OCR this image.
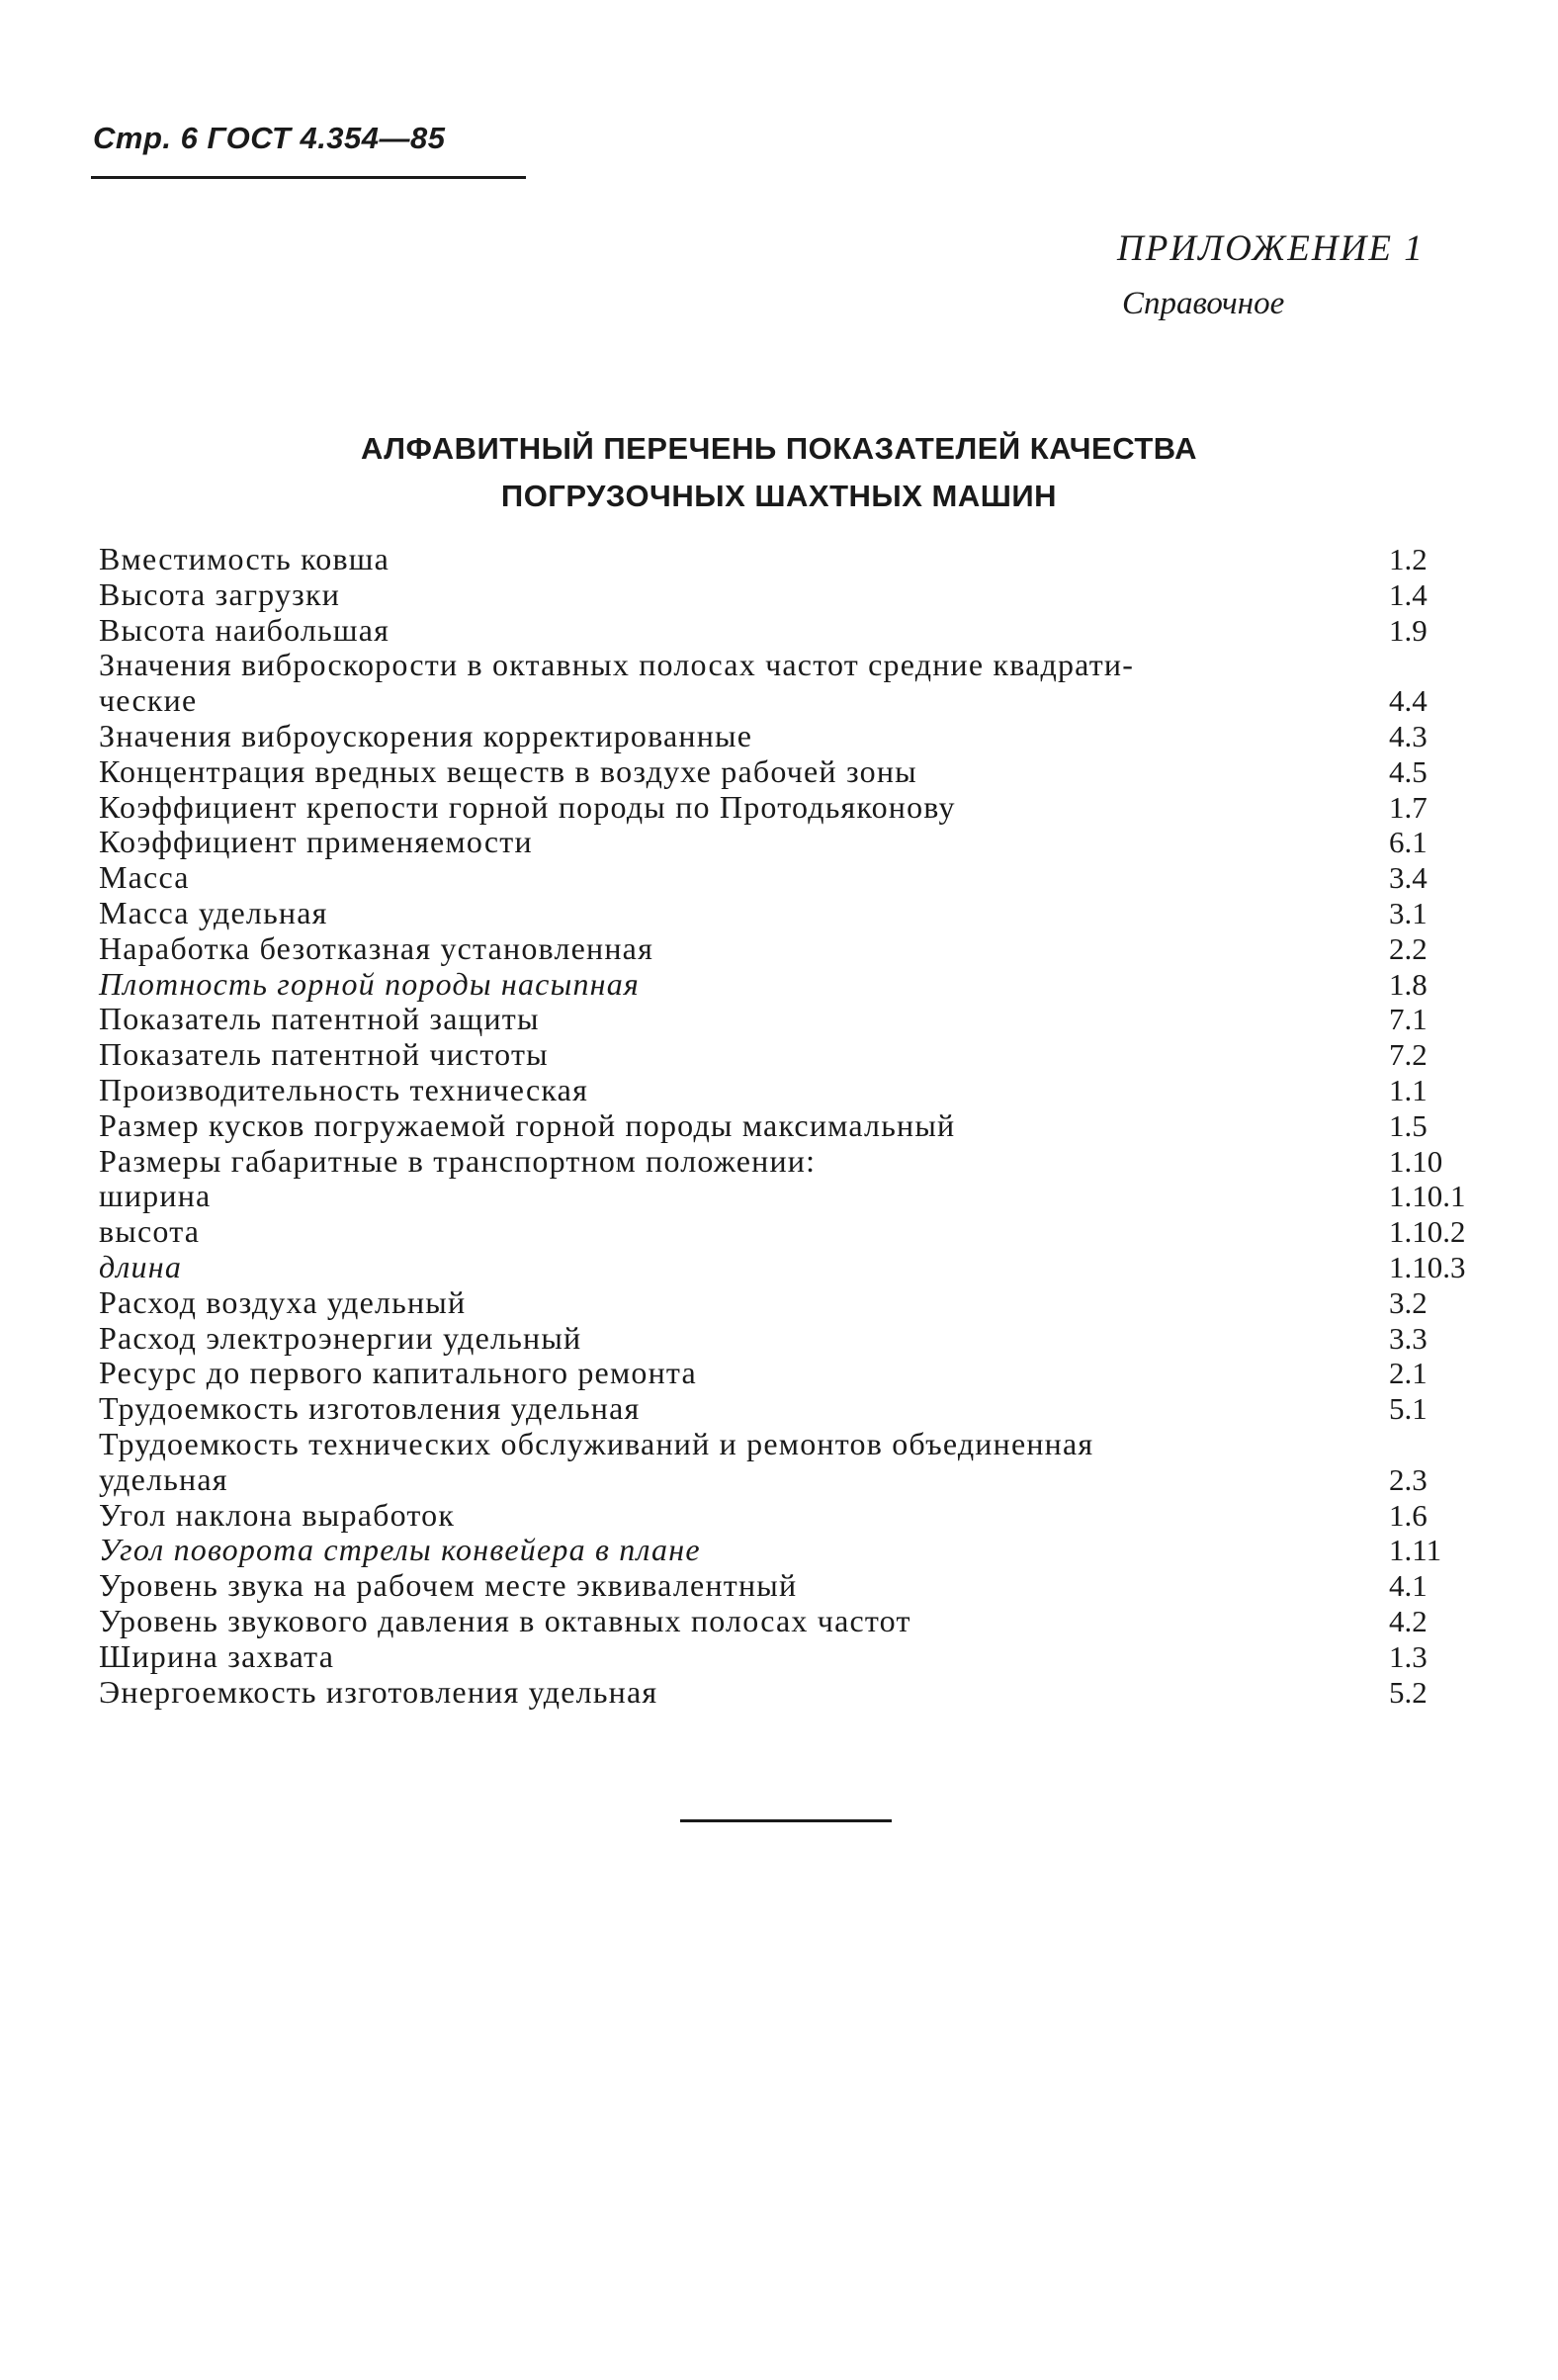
Стр. 6 ГОСТ 4.354—85
ПРИЛОЖЕНИЕ 1
Справочное
АЛФАВИТНЫЙ ПЕРЕЧЕНЬ ПОКАЗАТЕЛЕЙ КАЧЕСТВА
ПОГРУЗОЧНЫХ ШАХТНЫХ МАШИН
Вместимость ковша	1.2
Высота загрузки	1.4
Высота наибольшая	1.9
Значения виброскорости в октавных полосах частот средние квадрати-
ческие	4.4
Значения виброускорения корректированные	4.3
Концентрация вредных веществ в воздухе рабочей зоны	4.5
Коэффициент крепости горной породы по Протодьяконову	1.7
Коэффициент применяемости	6.1
Масса	3.4
Масса удельная	3.1
Наработка безотказная установленная	2.2
Плотность горной породы насыпная	1.8
Показатель патентной защиты	7.1
Показатель патентной чистоты	7.2
Производительность техническая	1.1
Размер кусков погружаемой горной породы максимальный	1.5
Размеры габаритные в транспортном положении:	1.10
ширина	1.10.1
высота	1.10.2
длина	1.10.3
Расход воздуха удельный	3.2
Расход электроэнергии удельный	3.3
Ресурс до первого капитального ремонта	2.1
Трудоемкость изготовления удельная	5.1
Трудоемкость технических обслуживаний и ремонтов объединенная
удельная	2.3
Угол наклона выработок	1.6
Угол поворота стрелы конвейера в плане	1.11
Уровень звука на рабочем месте эквивалентный	4.1
Уровень звукового давления в октавных полосах частот	4.2
Ширина захвата	1.3
Энергоемкость изготовления удельная	5.2
